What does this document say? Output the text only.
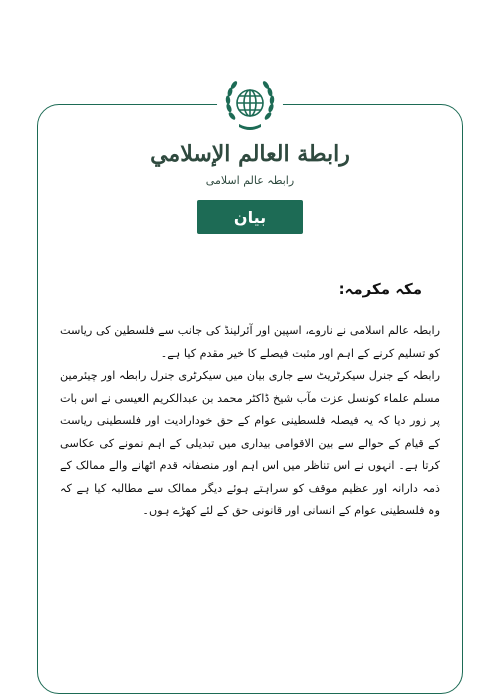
رابطة العالم الإسلامي
رابطہ عالم اسلامی
بیان
مکہ مکرمہ:

رابطہ عالم اسلامی نے ناروے، اسپین اور آئرلینڈ کی جانب سے فلسطین کی ریاست کو تسلیم کرنے کے اہم اور مثبت فیصلے کا خیر مقدم کیا ہے۔

رابطہ کے جنرل سیکرٹریٹ سے جاری بیان میں سیکرٹری جنرل رابطہ اور چیئرمین مسلم علماء کونسل عزت مآب شیخ ڈاکٹر محمد بن عبدالکریم العیسی نے اس بات پر زور دیا کہ یہ فیصلہ فلسطینی عوام کے حق خودارادیت اور فلسطینی ریاست کے قیام کے حوالے سے بین الاقوامی بیداری میں تبدیلی کے اہم نمونے کی عکاسی کرتا ہے۔ انہوں نے اس تناظر میں اس اہم اور منصفانہ قدم اٹھانے والے ممالک کے ذمہ دارانہ اور عظیم موقف کو سراہتے ہوئے دیگر ممالک سے مطالبہ کیا ہے کہ وہ فلسطینی عوام کے انسانی اور قانونی حق کے لئے کھڑے ہوں۔
